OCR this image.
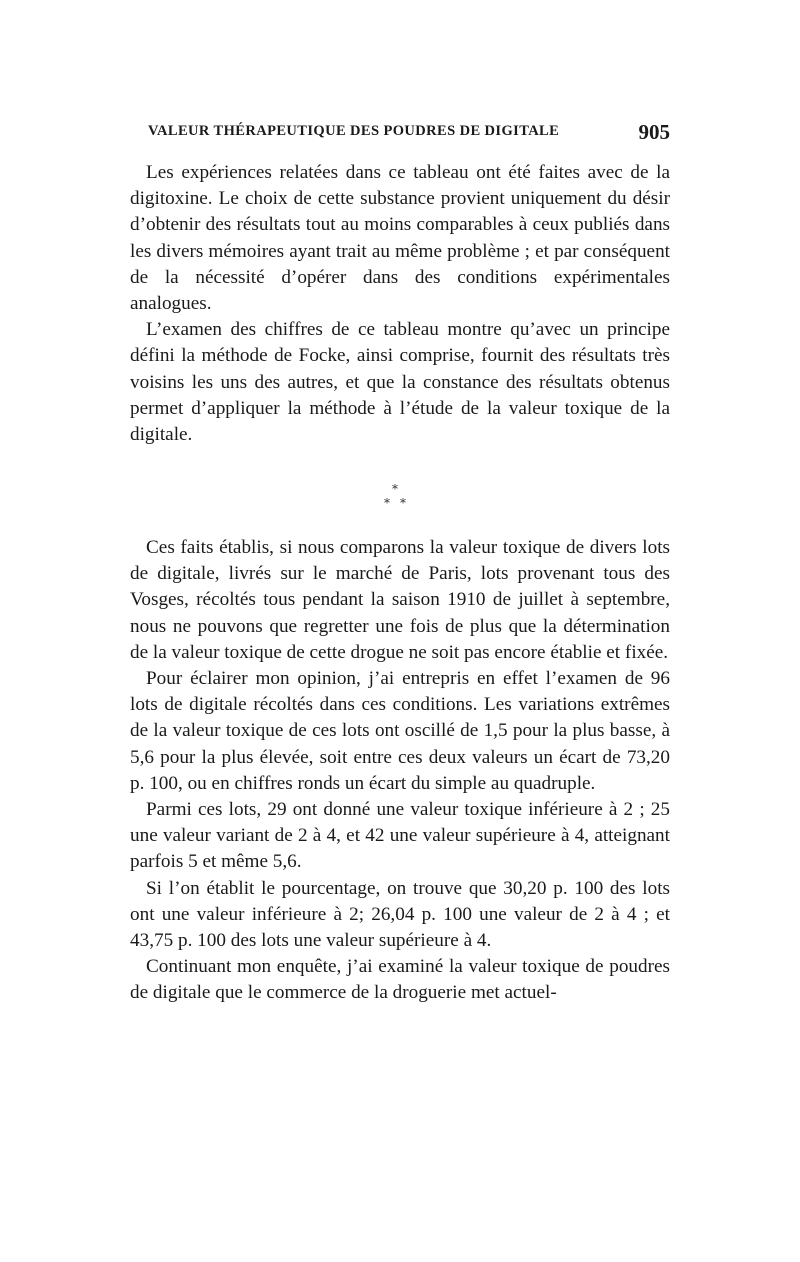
VALEUR THÉRAPEUTIQUE DES POUDRES DE DIGITALE	905

Les expériences relatées dans ce tableau ont été faites avec de la digitoxine. Le choix de cette substance provient uniquement du désir d’obtenir des résultats tout au moins comparables à ceux publiés dans les divers mémoires ayant trait au même problème ; et par conséquent de la nécessité d’opérer dans des conditions expérimentales analogues.

L’examen des chiffres de ce tableau montre qu’avec un principe défini la méthode de Focke, ainsi comprise, fournit des résultats très voisins les uns des autres, et que la constance des résultats obtenus permet d’appliquer la méthode à l’étude de la valeur toxique de la digitale.

*
* *

Ces faits établis, si nous comparons la valeur toxique de divers lots de digitale, livrés sur le marché de Paris, lots provenant tous des Vosges, récoltés tous pendant la saison 1910 de juillet à septembre, nous ne pouvons que regretter une fois de plus que la détermination de la valeur toxique de cette drogue ne soit pas encore établie et fixée.

Pour éclairer mon opinion, j’ai entrepris en effet l’examen de 96 lots de digitale récoltés dans ces conditions. Les variations extrêmes de la valeur toxique de ces lots ont oscillé de 1,5 pour la plus basse, à 5,6 pour la plus élevée, soit entre ces deux valeurs un écart de 73,20 p. 100, ou en chiffres ronds un écart du simple au quadruple.

Parmi ces lots, 29 ont donné une valeur toxique inférieure à 2 ; 25 une valeur variant de 2 à 4, et 42 une valeur supérieure à 4, atteignant parfois 5 et même 5,6.

Si l’on établit le pourcentage, on trouve que 30,20 p. 100 des lots ont une valeur inférieure à 2; 26,04 p. 100 une valeur de 2 à 4 ; et 43,75 p. 100 des lots une valeur supérieure à 4.

Continuant mon enquête, j’ai examiné la valeur toxique de poudres de digitale que le commerce de la droguerie met actuel-
